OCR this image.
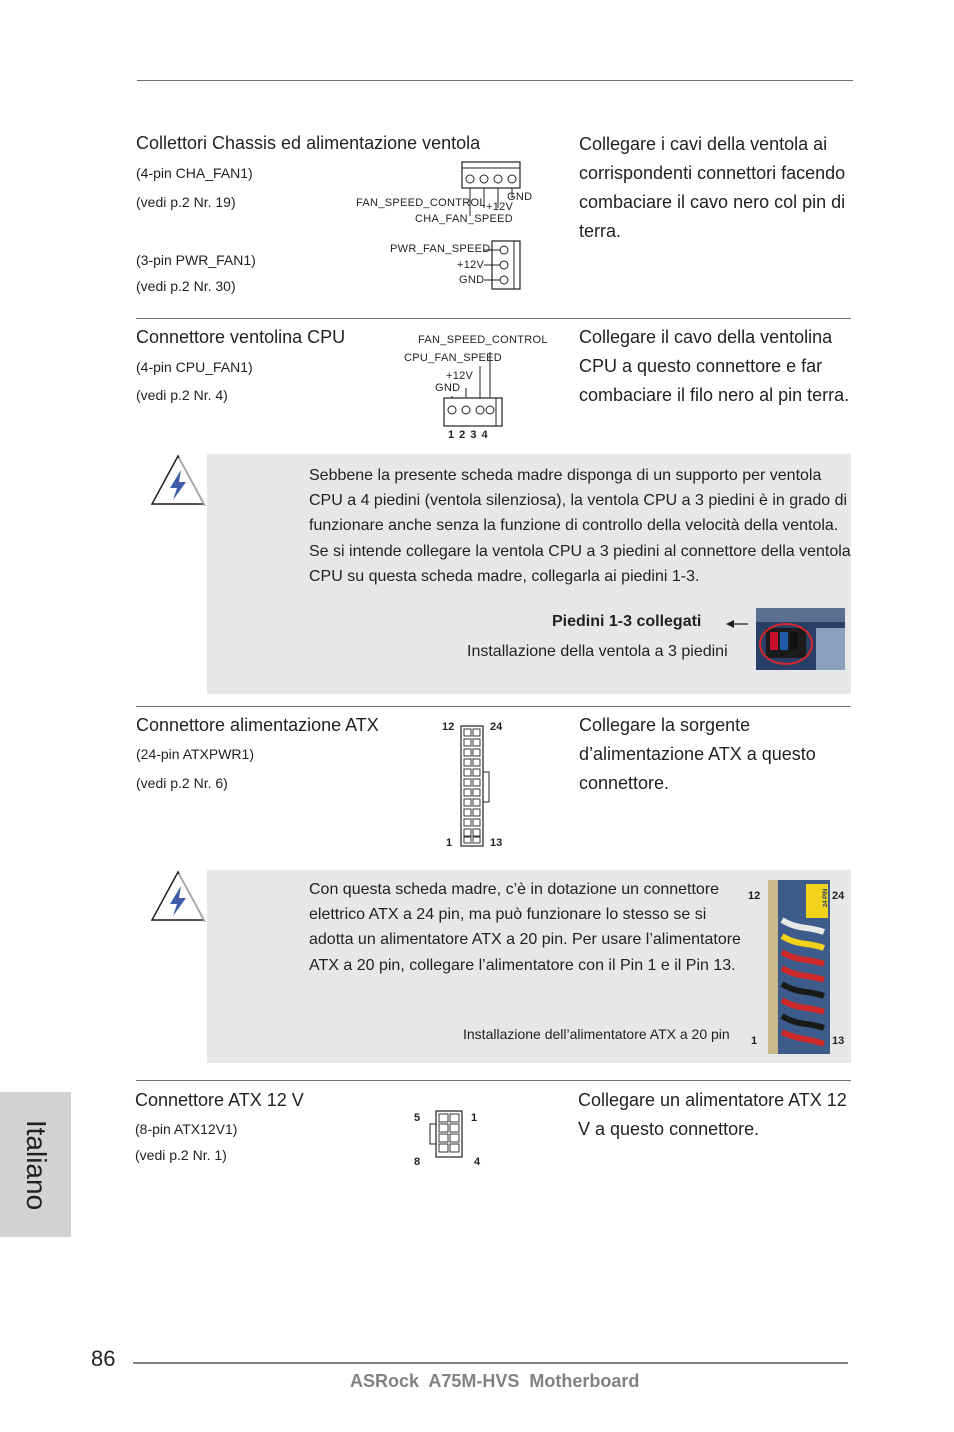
Collettori Chassis ed alimentazione ventola
(4-pin CHA_FAN1)
(vedi p.2 Nr. 19)
(3-pin PWR_FAN1)
(vedi p.2 Nr. 30)
GND
+12V
FAN_SPEED_CONTROL
CHA_FAN_SPEED
PWR_FAN_SPEED
+12V
GND
Collegare i cavi della ventola ai corrispondenti connettori facendo combaciare il cavo nero col pin di terra.
Connettore ventolina CPU
(4-pin CPU_FAN1)
(vedi p.2 Nr. 4)
FAN_SPEED_CONTROL
CPU_FAN_SPEED
+12V
GND
1 2 3 4
Collegare il cavo della ventolina CPU a questo connettore e far combaciare il filo nero al pin terra.
Sebbene la presente scheda madre disponga di un supporto per ventola CPU a 4 piedini (ventola silenziosa), la ventola CPU a 3 piedini è in grado di funzionare anche senza la funzione di controllo della velocità della ventola. Se si intende collegare la ventola CPU a 3 piedini al connettore della ventola CPU su questa scheda madre, collegarla ai piedini 1-3.
Piedini 1-3 collegati
Installazione della ventola a 3 piedini
Connettore alimentazione ATX
(24-pin ATXPWR1)
(vedi p.2 Nr. 6)
12	24
1	13
Collegare la sorgente d’alimentazione ATX a questo connettore.
Con questa scheda madre, c’è in dotazione un connettore elettrico ATX a 24 pin, ma può funzionare lo stesso se si adotta un alimentatore ATX a 20 pin. Per usare l’alimentatore ATX a 20 pin, collegare l’alimentatore con il Pin 1 e il Pin 13.
Installazione dell’alimentatore ATX a 20 pin
12	24
1	13
24 PIN
Connettore ATX 12 V
(8-pin ATX12V1)
(vedi p.2 Nr. 1)
5	1
8	4
Collegare un alimentatore ATX 12 V a questo connettore.
Italiano
86
ASRock  A75M-HVS  Motherboard
